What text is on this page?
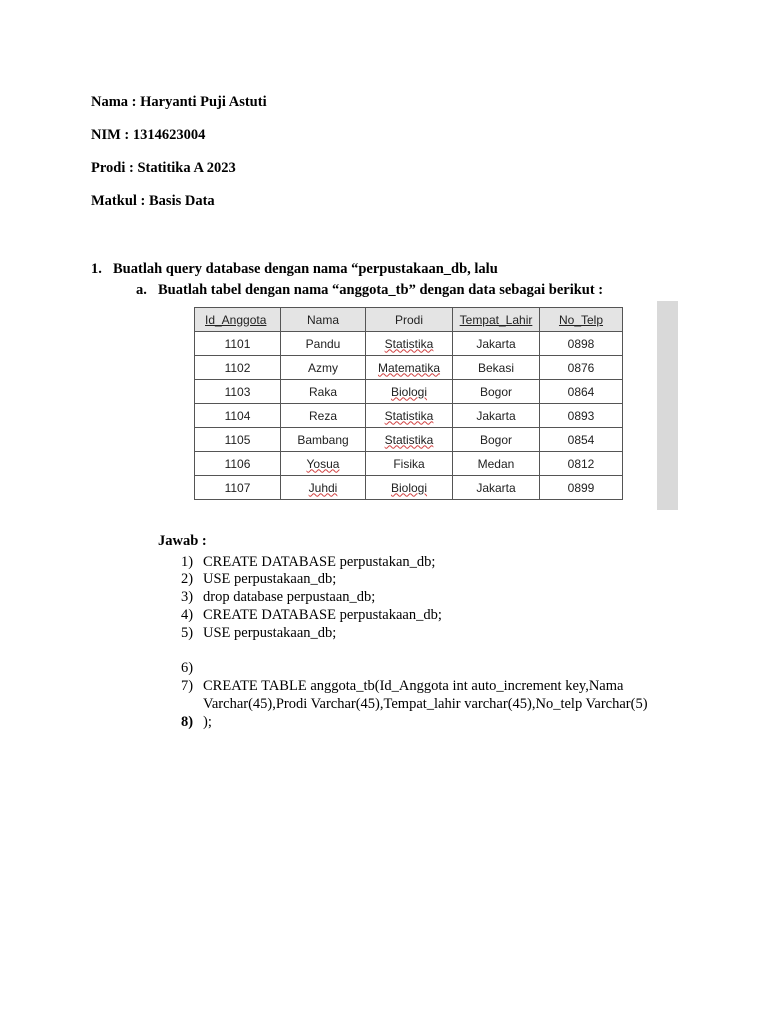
Nama : Haryanti Puji Astuti
NIM : 1314623004
Prodi : Statitika A 2023
Matkul : Basis Data
1. Buatlah query database dengan nama “perpustakaan_db, lalu
a. Buatlah tabel dengan nama “anggota_tb” dengan data sebagai berikut :
Id_Anggota	Nama	Prodi	Tempat_Lahir	No_Telp
1101	Pandu	Statistika	Jakarta	0898
1102	Azmy	Matematika	Bekasi	0876
1103	Raka	Biologi	Bogor	0864
1104	Reza	Statistika	Jakarta	0893
1105	Bambang	Statistika	Bogor	0854
1106	Yosua	Fisika	Medan	0812
1107	Juhdi	Biologi	Jakarta	0899
Jawab :
1) CREATE DATABASE perpustakan_db;
2) USE perpustakaan_db;
3) drop database perpustaan_db;
4) CREATE DATABASE perpustakaan_db;
5) USE perpustakaan_db;
6)
7) CREATE TABLE anggota_tb(Id_Anggota int auto_increment key,Nama
Varchar(45),Prodi Varchar(45),Tempat_lahir varchar(45),No_telp Varchar(5)
8) );
